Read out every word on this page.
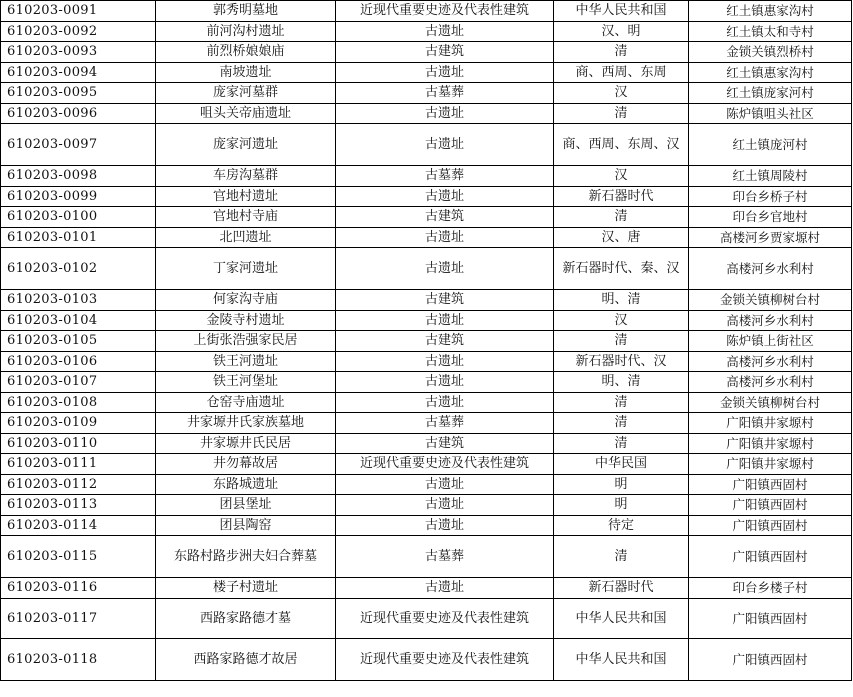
610203-0091	郭秀明墓地	近现代重要史迹及代表性建筑	中华人民共和国	红土镇惠家沟村
610203-0092	前河沟村遗址	古遗址	汉、明	红土镇太和寺村
610203-0093	前烈桥娘娘庙	古建筑	清	金锁关镇烈桥村
610203-0094	南坡遗址	古遗址	商、西周、东周	红土镇惠家沟村
610203-0095	庞家河墓群	古墓葬	汉	红土镇庞家河村
610203-0096	咀头关帝庙遗址	古遗址	清	陈炉镇咀头社区
610203-0097	庞家河遗址	古遗址	商、西周、东周、汉	红土镇庞河村
610203-0098	车房沟墓群	古墓葬	汉	红土镇周陵村
610203-0099	官地村遗址	古遗址	新石器时代	印台乡桥子村
610203-0100	官地村寺庙	古建筑	清	印台乡官地村
610203-0101	北凹遗址	古遗址	汉、唐	高楼河乡贾家塬村
610203-0102	丁家河遗址	古遗址	新石器时代、秦、汉	高楼河乡水利村
610203-0103	何家沟寺庙	古建筑	明、清	金锁关镇柳树台村
610203-0104	金陵寺村遗址	古遗址	汉	高楼河乡水利村
610203-0105	上街张浩强家民居	古建筑	清	陈炉镇上街社区
610203-0106	铁王河遗址	古遗址	新石器时代、汉	高楼河乡水利村
610203-0107	铁王河堡址	古遗址	明、清	高楼河乡水利村
610203-0108	仓窑寺庙遗址	古遗址	清	金锁关镇柳树台村
610203-0109	井家塬井氏家族墓地	古墓葬	清	广阳镇井家塬村
610203-0110	井家塬井氏民居	古建筑	清	广阳镇井家塬村
610203-0111	井勿幕故居	近现代重要史迹及代表性建筑	中华民国	广阳镇井家塬村
610203-0112	东路城遗址	古遗址	明	广阳镇西固村
610203-0113	团县堡址	古遗址	明	广阳镇西固村
610203-0114	团县陶窑	古遗址	待定	广阳镇西固村
610203-0115	东路村路步洲夫妇合葬墓	古墓葬	清	广阳镇西固村
610203-0116	楼子村遗址	古遗址	新石器时代	印台乡楼子村
610203-0117	西路家路德才墓	近现代重要史迹及代表性建筑	中华人民共和国	广阳镇西固村
610203-0118	西路家路德才故居	近现代重要史迹及代表性建筑	中华人民共和国	广阳镇西固村
